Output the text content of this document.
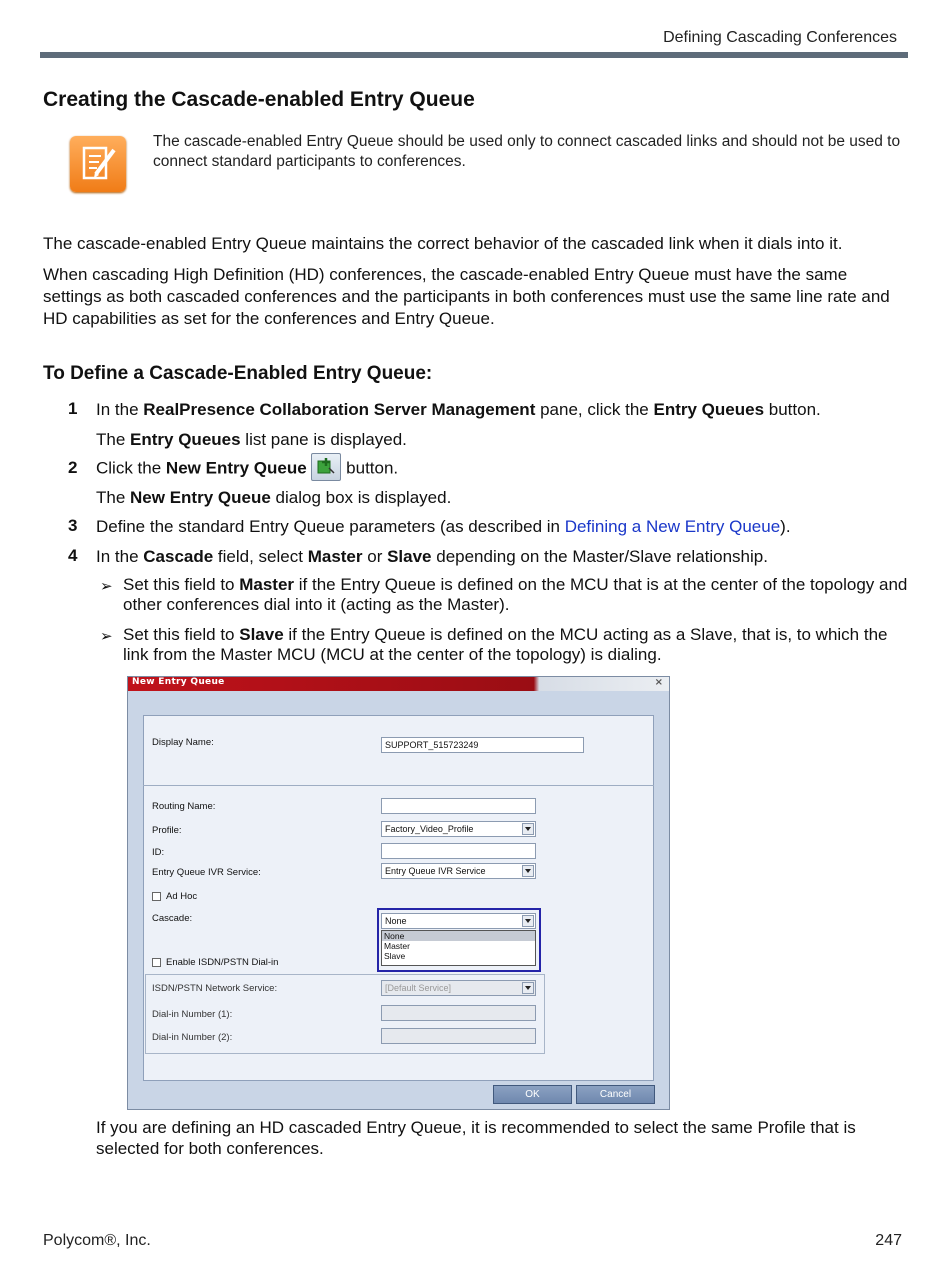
Defining Cascading Conferences
Creating the Cascade-enabled Entry Queue
The cascade-enabled Entry Queue should be used only to connect cascaded links and should not be used to connect standard participants to conferences.
The cascade-enabled Entry Queue maintains the correct behavior of the cascaded link when it dials into it.
When cascading High Definition (HD) conferences, the cascade-enabled Entry Queue must have the same settings as both cascaded conferences and the participants in both conferences must use the same line rate and HD capabilities as set for the conferences and Entry Queue.
To Define a Cascade-Enabled Entry Queue:
1 In the RealPresence Collaboration Server Management pane, click the Entry Queues button.
The Entry Queues list pane is displayed.
2 Click the New Entry Queue
button.
The New Entry Queue dialog box is displayed.
3 Define the standard Entry Queue parameters (as described in Defining a New Entry Queue).
4 In the Cascade field, select Master or Slave depending on the Master/Slave relationship.
➢ Set this field to Master if the Entry Queue is defined on the MCU that is at the center of the topology and other conferences dial into it (acting as the Master).
➢ Set this field to Slave if the Entry Queue is defined on the MCU acting as a Slave, that is, to which the link from the Master MCU (MCU at the center of the topology) is dialing.
New Entry Queue	×
Display Name:	SUPPORT_515723249
Routing Name:
Profile:	Factory_Video_Profile
ID:
Entry Queue IVR Service:	Entry Queue IVR Service
Ad Hoc
Cascade:	None
None
Master
Slave
Enable ISDN/PSTN Dial-in
ISDN/PSTN Network Service:	[Default Service]
Dial-in Number (1):
Dial-in Number (2):
OK	Cancel
If you are defining an HD cascaded Entry Queue, it is recommended to select the same Profile that is selected for both conferences.
Polycom®, Inc.	247
